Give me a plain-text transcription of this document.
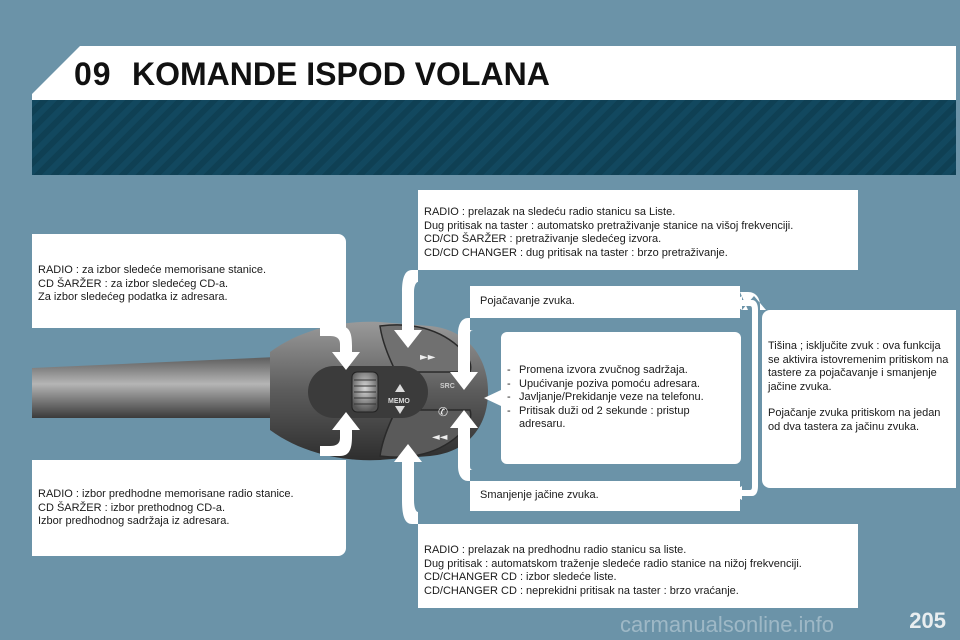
09 KOMANDE ISPOD VOLANA
MEMO
SRC
►►
◄◄
✆

RADIO : za izbor sledeće memorisane stanice.

CD ŠARŽER : za izbor sledećeg CD-a.

Za izbor sledećeg podatka iz adresara.

RADIO : izbor predhodne memorisane radio stanice.

CD ŠARŽER : izbor prethodnog CD-a.

Izbor predhodnog sadržaja iz adresara.

RADIO : prelazak na sledeću radio stanicu sa Liste.

Dug pritisak na taster : automatsko pretraživanje stanice na višoj frekvenciji.

CD/CD ŠARŽER : pretraživanje sledećeg izvora.

CD/CD CHANGER : dug pritisak na taster : brzo pretraživanje.

Pojačavanje zvuka.

- Promena izvora zvučnog sadržaja.

- Upućivanje poziva pomoću adresara.

- Javljanje/Prekidanje veze na telefonu.

- Pritisak duži od 2 sekunde : pristup adresaru.

Smanjenje jačine zvuka.

Tišina ; isključite zvuk : ova funkcija se aktivira istovremenim pritiskom na tastere za pojačavanje i smanjenje jačine zvuka.

Pojačanje zvuka pritiskom na jedan od dva tastera za jačinu zvuka.

RADIO : prelazak na predhodnu radio stanicu sa liste.

Dug pritisak : automatskom traženje sledeće radio stanice na nižoj frekvenciji.

CD/CHANGER CD : izbor sledeće liste.

CD/CHANGER CD : neprekidni pritisak na taster : brzo vraćanje.

carmanualsonline.info	205
